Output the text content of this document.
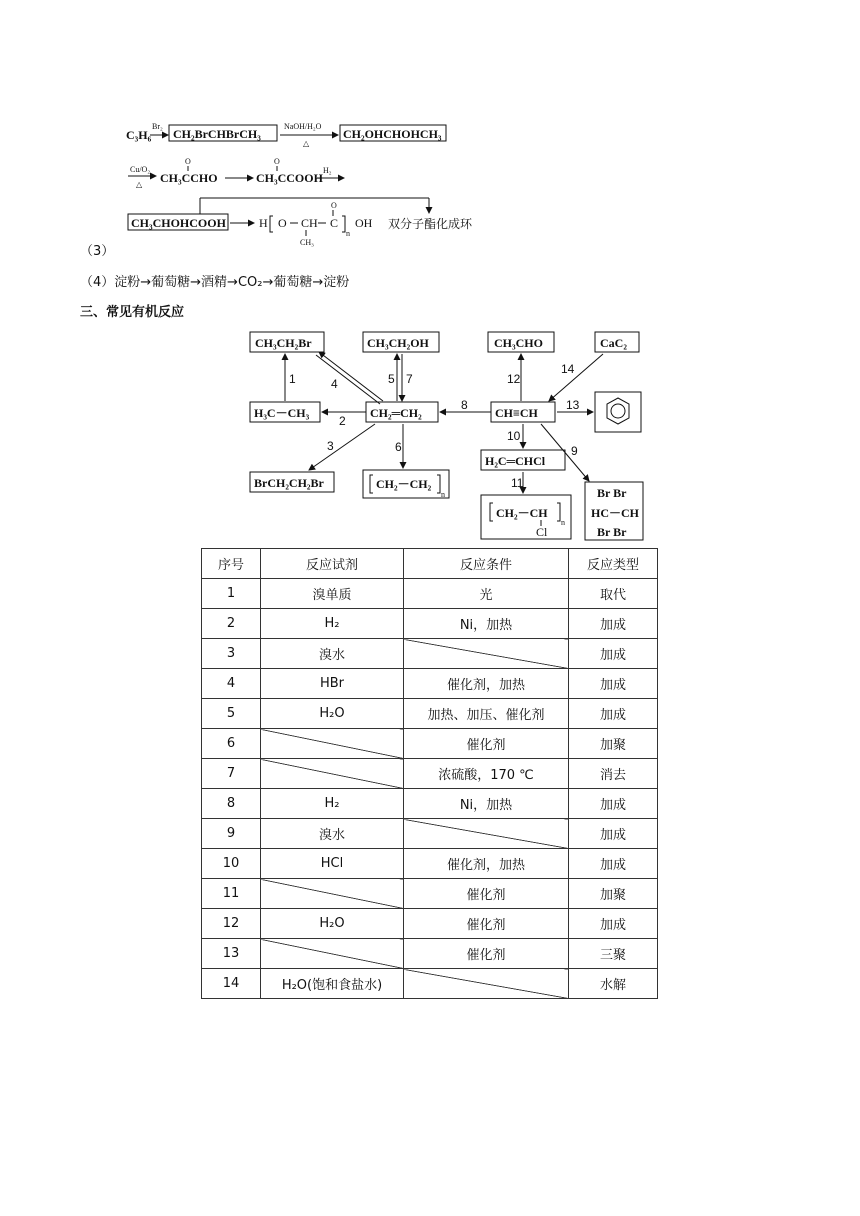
C₃H₆
Br₂
CH₂BrCHBrCH₃
NaOH/H₂O
△
CH₂OHCHOHCH₃
Cu/O₂
△
O
CH₃CCHO
O
CH₃CCOOH
H₂
CH₃CHOHCOOH	H O CH C
O
n
OH
CH₃
双分子酯化成环
（3）
（4）淀粉→葡萄糖→酒精→CO₂→葡萄糖→淀粉
三、常见有机反应
CH₃CH₂Br	CH₃CH₂OH	CH₃CHO	CaC₂
H₃C－CH₃	CH₂═CH₂	CH≡CH
BrCH₂CH₂Br	CH₂－CH₂
n
H₂C═CHCl
CH₂－CH
n
Cl
Br Br
HC－CH
Br Br
1
2
3
4	5 7
6
8
9
10
11
12
13
14
序号	反应试剂	反应条件	反应类型
1	溴单质	光	取代
2	H₂	Ni，加热	加成
3	溴水		加成
4	HBr	催化剂，加热	加成
5	H₂O	加热、加压、催化剂	加成
6		催化剂	加聚
7		浓硫酸，170 ℃	消去
8	H₂	Ni，加热	加成
9	溴水		加成
10	HCl	催化剂，加热	加成
11		催化剂	加聚
12	H₂O	催化剂	加成
13		催化剂	三聚
14	H₂O(饱和食盐水)		水解
